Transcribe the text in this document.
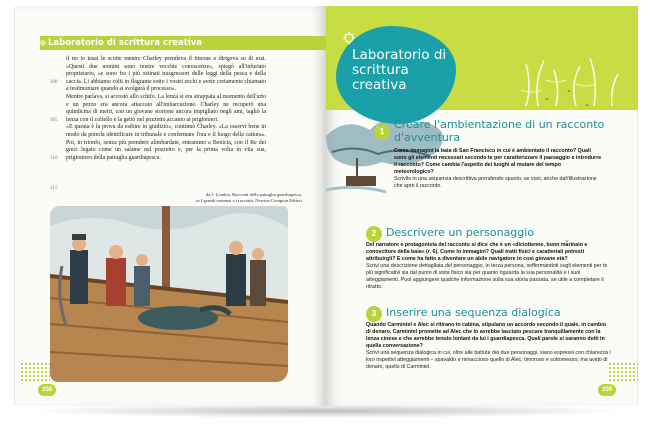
Laboratorio di scrittura creativa
300
305
310
315

il no io tesai le scotte mentre Charley prendeva il timone e dirigeva su di essi. «Questi due uomini sono nostre vecchie conoscenze», spiegò all'infuriato proprietario, «e sono fra i più ostinati trasgressori delle leggi della pesca e della caccia. Li abbiamo colti in flagrante sotto i vostri occhi e avete certamente chiamato a testimoniare quando si svolgerà il processo».

Mentre parlava, si accostò allo schifo. La lenza si era strappata al momento dell'urto e un pezzo era ancora attaccato all'imbarcazione. Charley ne recuperò una quindicina di metri, con un giovane storione ancora impigliato negli ami, tagliò la lenza con il coltello e la gettò nel pozzetto accanto ai prigionieri.

«E questa è la prova da esibire in giudizio», continuò Charley. «La osservi bene in modo da poterla identificare in tribunale e confermare l'ora e il luogo della cattura». Poi, in trionfo, senza più prendere alimbardate, entrammo a Benicia, con il Re dei greci legato come un salame nel pozzetto e, per la prima volta in vita sua, prigioniero della pattuglia guardiapesca.

da J. London, Racconti della pattuglia guardiapesca,
in I grandi romanzi e i racconti, Newton Compton Editori
258
Laboratorio di scrittura creativa
⌄
⌄
⌄
⌄
1
Creare l'ambientazione di un racconto d'avventura

Come immagini la baia di San Francisco in cui è ambientato il racconto? Quali sono gli elementi necessari secondo te per caratterizzare il paesaggio e introdurre il racconto? Come cambia l'aspetto dei luoghi al mutare del tempo meteorologico?

Scrivilo in una sequenza descrittiva prendendo spunto, se vuoi, anche dall'illustrazione che apre il racconto.

2 Descrivere un personaggio

Del narratore e protagonista del racconto si dice che è un «diciottenne, buon marinaio e conoscitore della baia» (r. 6). Come lo immagini? Quali tratti fisici e caratteriali potresti attribuirgli? E come ha fatto a diventare un abile navigatore in così giovane età?

Scrivi una descrizione dettagliata del personaggio, in terza persona, soffermandoti sugli elementi per te più significativi sia dal punto di vista fisico sia per quanto riguarda la sua personalità e i suoi atteggiamenti. Puoi aggiungere qualche informazione sulla sua storia passata, se utile a completare il ritratto.

3 Inserire una sequenza dialogica

Quando Carmintel e Alec si ritirano in cabina, stipulano un accordo secondo il quale, in cambio di denaro, Carmintel promette ad Alec che lo avrebbe lasciato pescare tranquillamente con la lenza cinese e che avrebbe tenuto lontani da lui i guardiapesca. Quali parole si saranno detti in quella conversazione?

Scrivi una sequenza dialogica in cui, oltre alle battute dei due personaggi, siano espressi con chiarezza i loro rispettivi atteggiamenti – spavaldo e minaccioso quello di Alec, timoroso e sottomesso, ma avido di denaro, quello di Carmintel.

259
